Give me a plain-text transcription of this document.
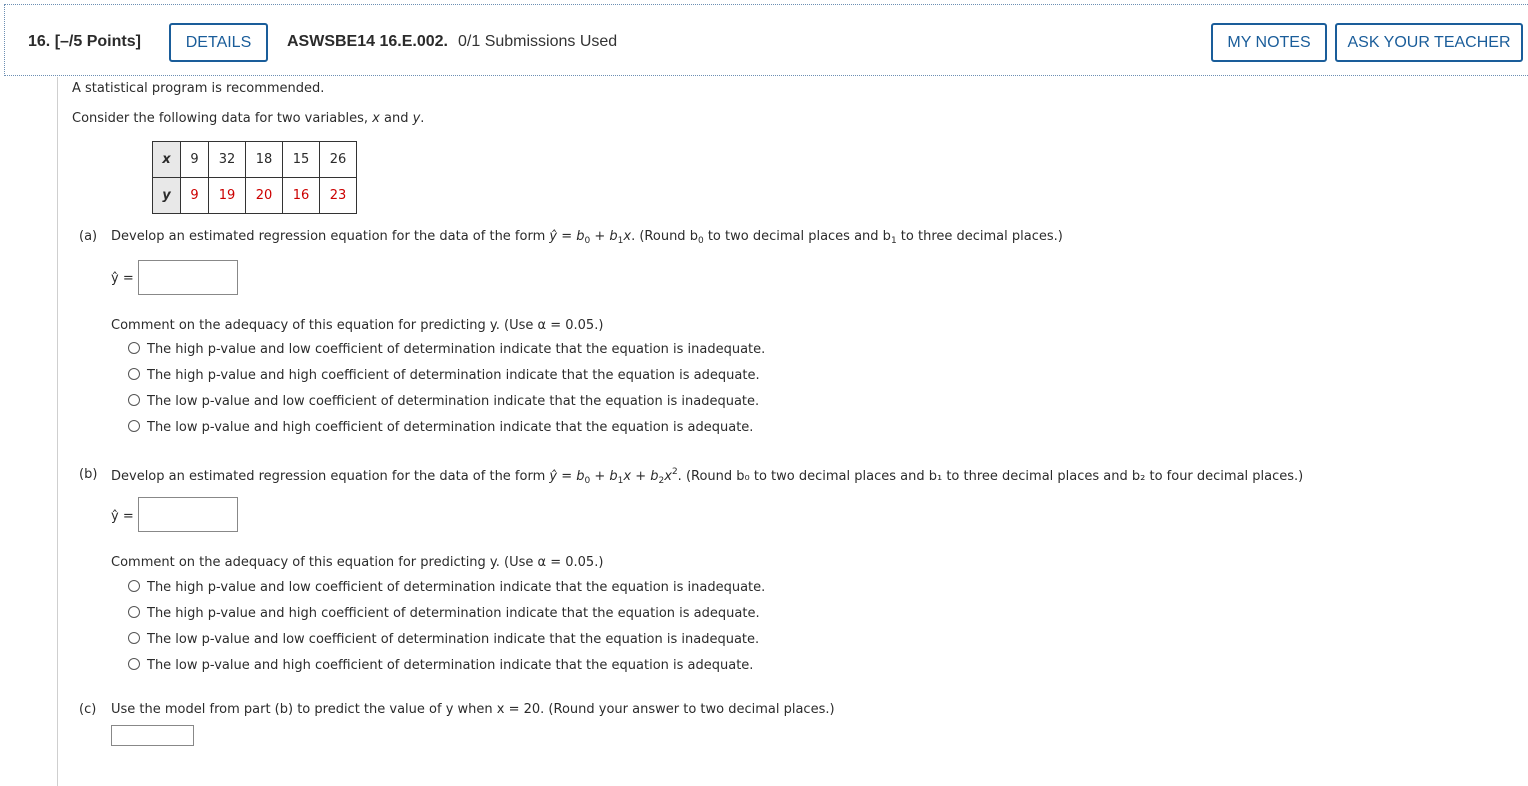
16. [–/5 Points]	DETAILS	ASWSBE14 16.E.002. 0/1 Submissions Used	MY NOTES	ASK YOUR TEACHER
A statistical program is recommended.
Consider the following data for two variables, x and y.
x	9	32	18	15	26
y	9	19	20	16	23
(a) Develop an estimated regression equation for the data of the form ŷ = $b_0 + b_1x$. (Round $b_0$ to two decimal places and $b_1$ to three decimal places.)
ŷ =
Comment on the adequacy of this equation for predicting y. (Use α = 0.05.)
The high p-value and low coefficient of determination indicate that the equation is inadequate.
The high p-value and high coefficient of determination indicate that the equation is adequate.
The low p-value and low coefficient of determination indicate that the equation is inadequate.
The low p-value and high coefficient of determination indicate that the equation is adequate.
(b) Develop an estimated regression equation for the data of the form ŷ = $b_0 + b_1x + b_2x^2$. (Round b₀ to two decimal places and b₁ to three decimal places and b₂ to four decimal places.)
ŷ =
Comment on the adequacy of this equation for predicting y. (Use α = 0.05.)
The high p-value and low coefficient of determination indicate that the equation is inadequate.
The high p-value and high coefficient of determination indicate that the equation is adequate.
The low p-value and low coefficient of determination indicate that the equation is inadequate.
The low p-value and high coefficient of determination indicate that the equation is adequate.
(c) Use the model from part (b) to predict the value of y when x = 20. (Round your answer to two decimal places.)
